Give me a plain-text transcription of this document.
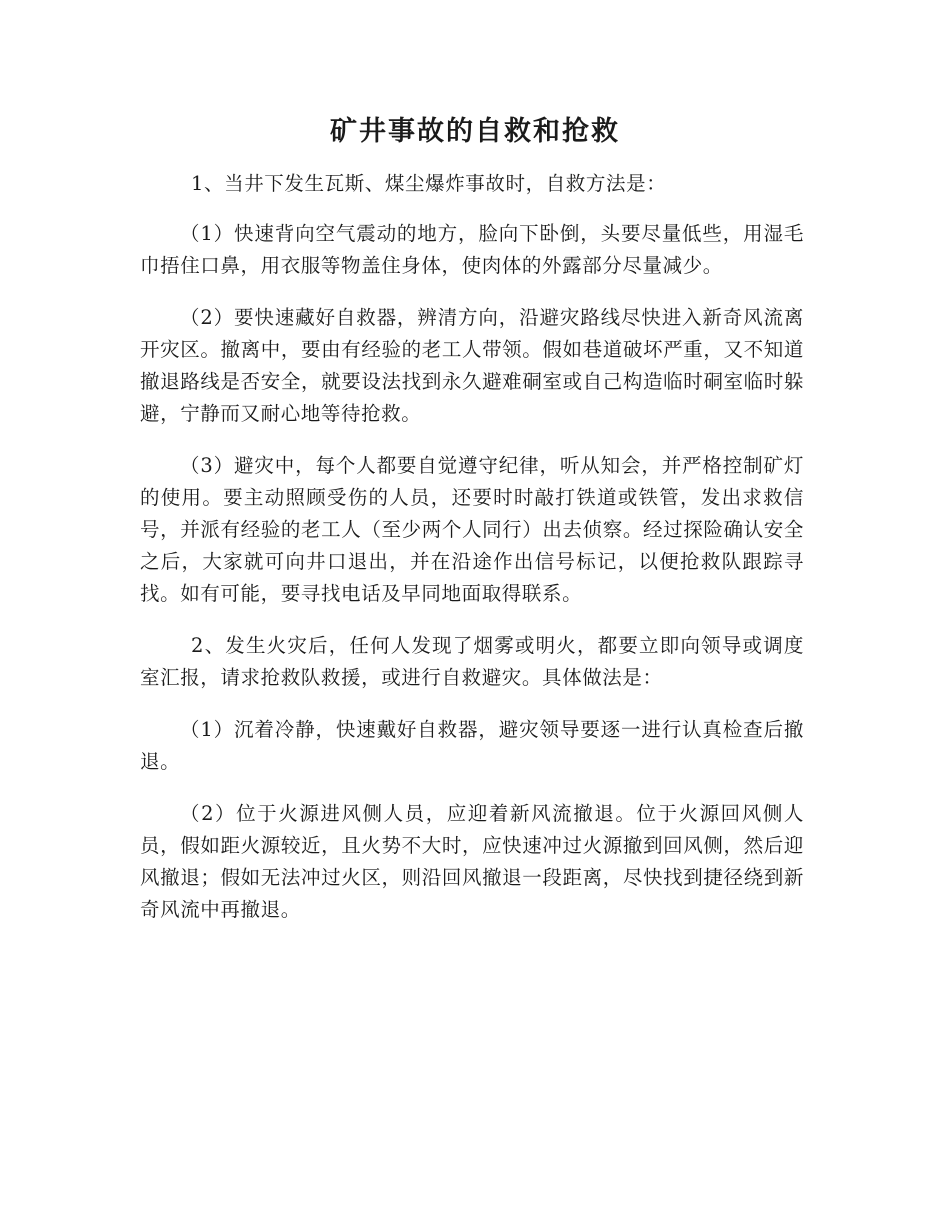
矿井事故的自救和抢救

1、当井下发生瓦斯、煤尘爆炸事故时，自救方法是：

（1）快速背向空气震动的地方，脸向下卧倒，头要尽量低些，用湿毛巾捂住口鼻，用衣服等物盖住身体，使肉体的外露部分尽量减少。

（2）要快速藏好自救器，辨清方向，沿避灾路线尽快进入新奇风流离开灾区。撤离中，要由有经验的老工人带领。假如巷道破坏严重，又不知道撤退路线是否安全，就要设法找到永久避难硐室或自己构造临时硐室临时躲避，宁静而又耐心地等待抢救。

（3）避灾中，每个人都要自觉遵守纪律，听从知会，并严格控制矿灯的使用。要主动照顾受伤的人员，还要时时敲打铁道或铁管，发出求救信号，并派有经验的老工人（至少两个人同行）出去侦察。经过探险确认安全之后，大家就可向井口退出，并在沿途作出信号标记，以便抢救队跟踪寻找。如有可能，要寻找电话及早同地面取得联系。

2、发生火灾后，任何人发现了烟雾或明火，都要立即向领导或调度室汇报，请求抢救队救援，或进行自救避灾。具体做法是：

（1）沉着冷静，快速戴好自救器，避灾领导要逐一进行认真检查后撤退。

（2）位于火源进风侧人员，应迎着新风流撤退。位于火源回风侧人员，假如距火源较近，且火势不大时，应快速冲过火源撤到回风侧，然后迎风撤退；假如无法冲过火区，则沿回风撤退一段距离，尽快找到捷径绕到新奇风流中再撤退。
